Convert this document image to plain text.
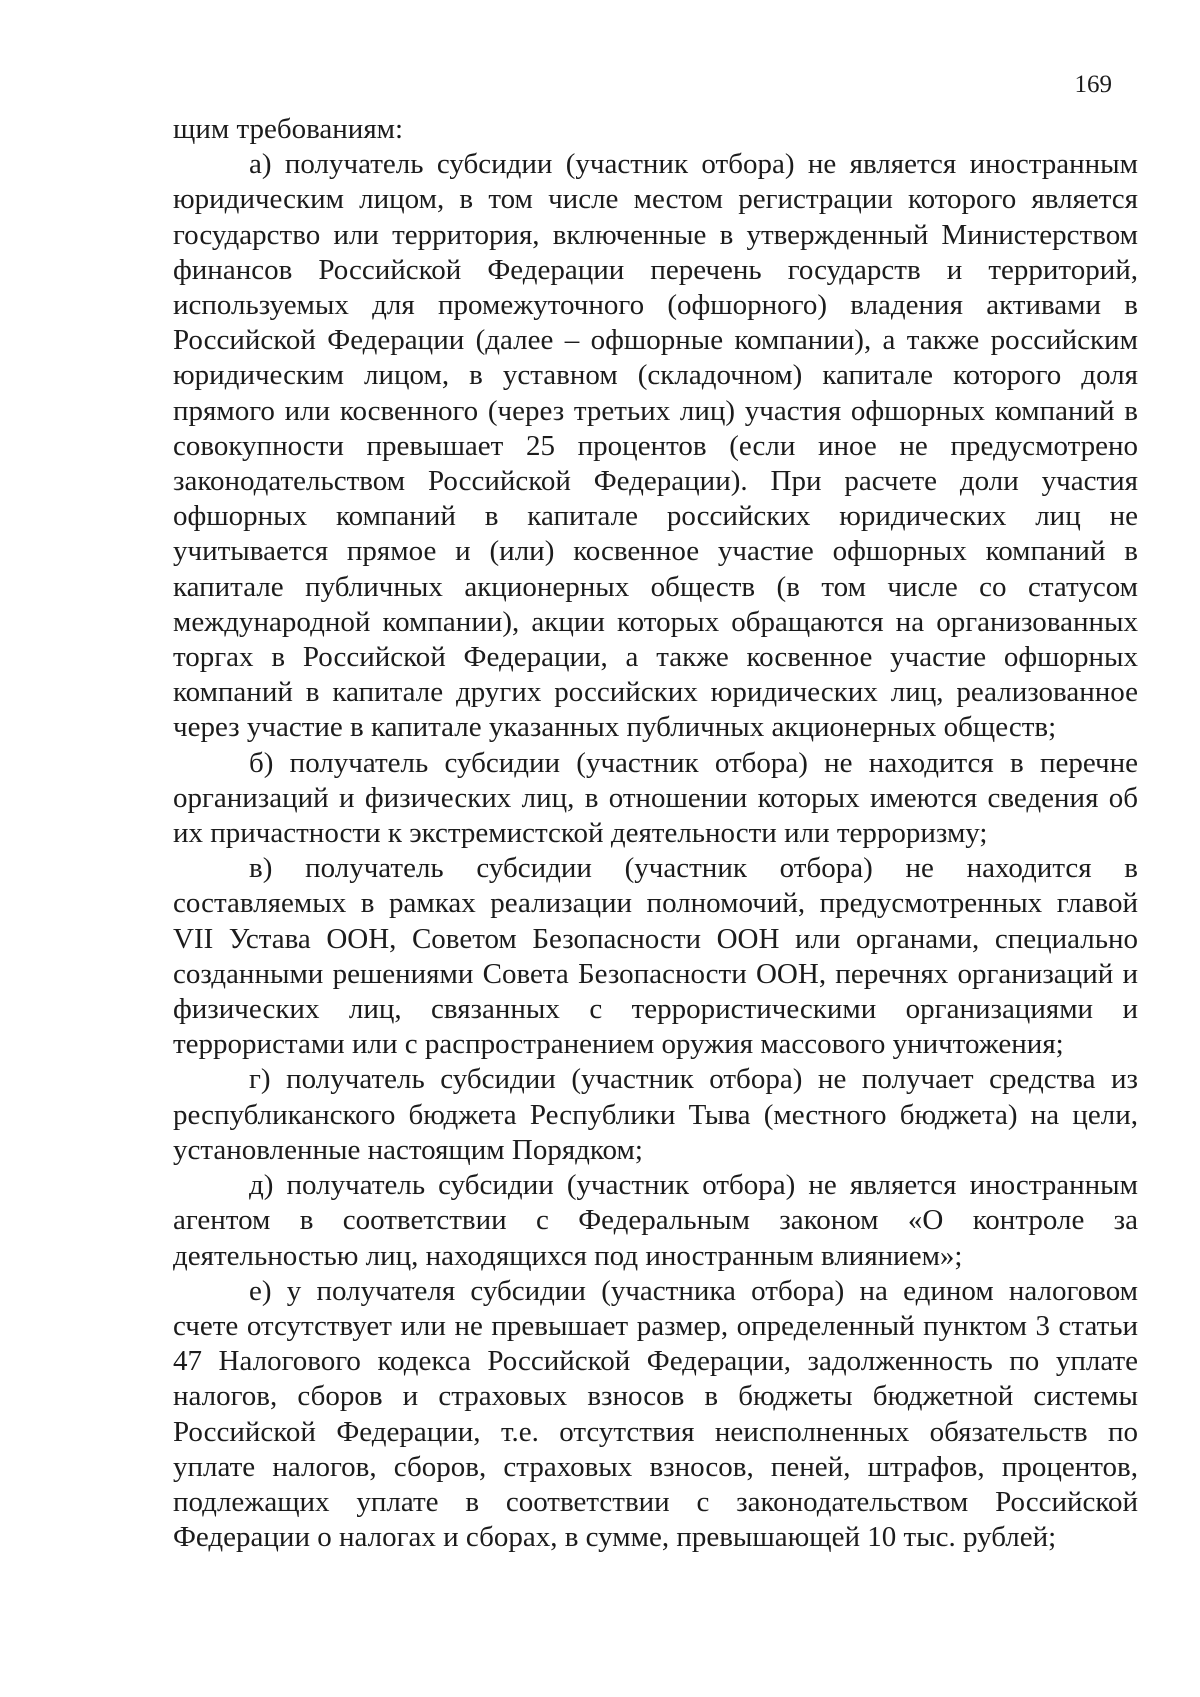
169

щим требованиям:

а) получатель субсидии (участник отбора) не является иностранным юридическим лицом, в том числе местом регистрации которого является государство или территория, включенные в утвержденный Министерством финансов Российской Федерации перечень государств и территорий, используемых для промежуточного (офшорного) владения активами в Российской Федерации (далее – офшорные компании), а также российским юридическим лицом, в уставном (складочном) капитале которого доля прямого или косвенного (через третьих лиц) участия офшорных компаний в совокупности превышает 25 процентов (если иное не предусмотрено законодательством Российской Федерации). При расчете доли участия офшорных компаний в капитале российских юридических лиц не учитывается прямое и (или) косвенное участие офшорных компаний в капитале публичных акционерных обществ (в том числе со статусом международной компании), акции которых обращаются на организованных торгах в Российской Федерации, а также косвенное участие офшорных компаний в капитале других российских юридических лиц, реализованное через участие в капитале указанных публичных акционерных обществ;

б) получатель субсидии (участник отбора) не находится в перечне организаций и физических лиц, в отношении которых имеются сведения об их причастности к экстремистской деятельности или терроризму;

в) получатель субсидии (участник отбора) не находится в составляемых в рамках реализации полномочий, предусмотренных главой VII Устава ООН, Советом Безопасности ООН или органами, специально созданными решениями Совета Безопасности ООН, перечнях организаций и физических лиц, связанных с террористическими организациями и террористами или с распространением оружия массового уничтожения;

г) получатель субсидии (участник отбора) не получает средства из республиканского бюджета Республики Тыва (местного бюджета) на цели, установленные настоящим Порядком;

д) получатель субсидии (участник отбора) не является иностранным агентом в соответствии с Федеральным законом «О контроле за деятельностью лиц, находящихся под иностранным влиянием»;

е) у получателя субсидии (участника отбора) на едином налоговом счете отсутствует или не превышает размер, определенный пунктом 3 статьи 47 Налогового кодекса Российской Федерации, задолженность по уплате налогов, сборов и страховых взносов в бюджеты бюджетной системы Российской Федерации, т.е. отсутствия неисполненных обязательств по уплате налогов, сборов, страховых взносов, пеней, штрафов, процентов, подлежащих уплате в соответствии с законодательством Российской Федерации о налогах и сборах, в сумме, превышающей 10 тыс. рублей;
